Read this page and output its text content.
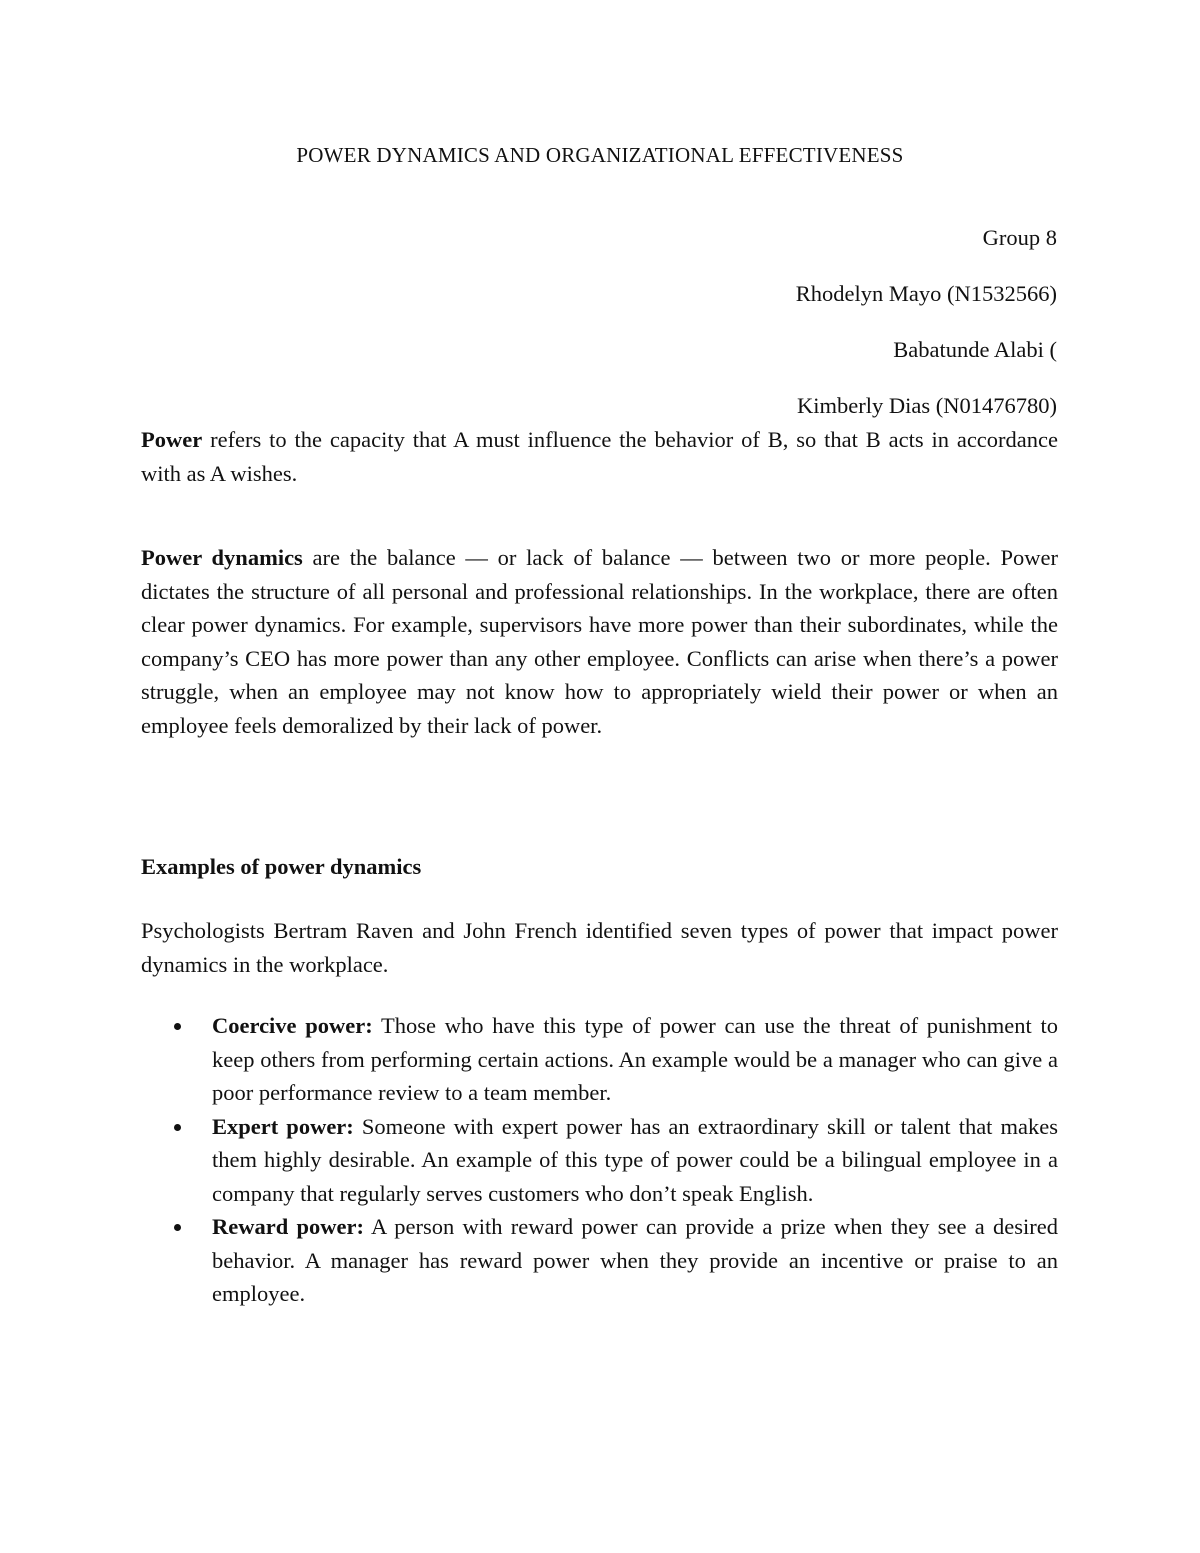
POWER DYNAMICS AND ORGANIZATIONAL EFFECTIVENESS
Group 8
Rhodelyn Mayo (N1532566)
Babatunde Alabi (
Kimberly Dias (N01476780)

Power refers to the capacity that A must influence the behavior of B, so that B acts in accordance with as A wishes.

Power dynamics are the balance — or lack of balance — between two or more people. Power dictates the structure of all personal and professional relationships. In the workplace, there are often clear power dynamics. For example, supervisors have more power than their subordinates, while the company’s CEO has more power than any other employee. Conflicts can arise when there’s a power struggle, when an employee may not know how to appropriately wield their power or when an employee feels demoralized by their lack of power.

Examples of power dynamics

Psychologists Bertram Raven and John French identified seven types of power that impact power dynamics in the workplace.

Coercive power: Those who have this type of power can use the threat of punishment to keep others from performing certain actions. An example would be a manager who can give a poor performance review to a team member.
Expert power: Someone with expert power has an extraordinary skill or talent that makes them highly desirable. An example of this type of power could be a bilingual employee in a company that regularly serves customers who don’t speak English.
Reward power: A person with reward power can provide a prize when they see a desired behavior. A manager has reward power when they provide an incentive or praise to an employee.
